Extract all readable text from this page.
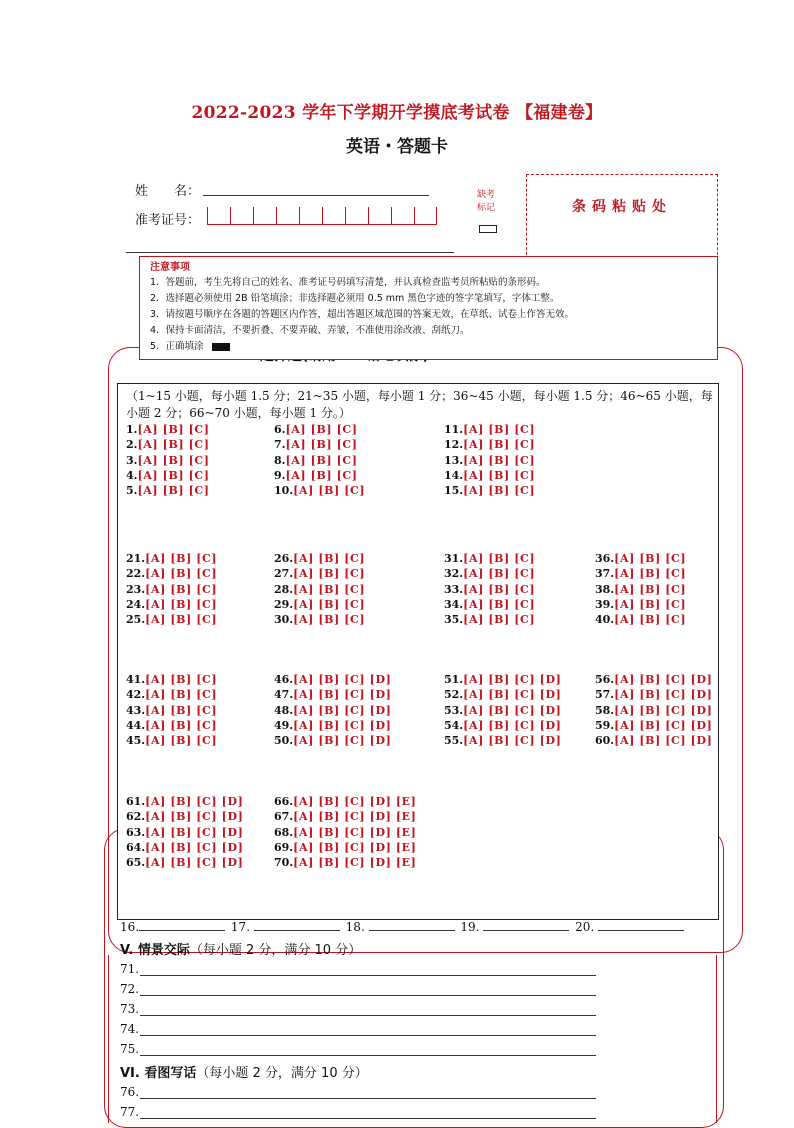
2022-2023 学年下学期开学摸底考试卷 【福建卷】
英语・答题卡
姓　　名：
准考证号：
缺考
标记	条码粘贴处
注意事项
1．答题前，考生先将自己的姓名、准考证号码填写清楚，并认真检查监考员所粘贴的条形码。
2．选择题必须使用 2B 铅笔填涂；非选择题必须用 0.5 mm 黑色字迹的签字笔填写，字体工整。
3．请按题号顺序在各题的答题区内作答，超出答题区域范围的答案无效，在草纸、试卷上作答无效。
4．保持卡面清洁，不要折叠、不要弄破、弄皱，不准使用涂改液、刮纸刀。
5．正确填涂
（1~15 小题，每小题 1.5 分；21~35 小题，每小题 1 分；36~45 小题，每小题 1.5 分；46~65 小题，每小题 2 分；66~70 小题，每小题 1 分。）
1.[A] [B] [C]
2.[A] [B] [C]
3.[A] [B] [C]
4.[A] [B] [C]
5.[A] [B] [C]
6.[A] [B] [C]
7.[A] [B] [C]
8.[A] [B] [C]
9.[A] [B] [C]
10.[A] [B] [C]
11.[A] [B] [C]
12.[A] [B] [C]
13.[A] [B] [C]
14.[A] [B] [C]
15.[A] [B] [C]
21.[A] [B] [C]
22.[A] [B] [C]
23.[A] [B] [C]
24.[A] [B] [C]
25.[A] [B] [C]
26.[A] [B] [C]
27.[A] [B] [C]
28.[A] [B] [C]
29.[A] [B] [C]
30.[A] [B] [C]
31.[A] [B] [C]
32.[A] [B] [C]
33.[A] [B] [C]
34.[A] [B] [C]
35.[A] [B] [C]
36.[A] [B] [C]
37.[A] [B] [C]
38.[A] [B] [C]
39.[A] [B] [C]
40.[A] [B] [C]
41.[A] [B] [C]
42.[A] [B] [C]
43.[A] [B] [C]
44.[A] [B] [C]
45.[A] [B] [C]
46.[A] [B] [C] [D]
47.[A] [B] [C] [D]
48.[A] [B] [C] [D]
49.[A] [B] [C] [D]
50.[A] [B] [C] [D]
51.[A] [B] [C] [D]
52.[A] [B] [C] [D]
53.[A] [B] [C] [D]
54.[A] [B] [C] [D]
55.[A] [B] [C] [D]
56.[A] [B] [C] [D]
57.[A] [B] [C] [D]
58.[A] [B] [C] [D]
59.[A] [B] [C] [D]
60.[A] [B] [C] [D]
61.[A] [B] [C] [D]
62.[A] [B] [C] [D]
63.[A] [B] [C] [D]
64.[A] [B] [C] [D]
65.[A] [B] [C] [D]
66.[A] [B] [C] [D] [E]
67.[A] [B] [C] [D] [E]
68.[A] [B] [C] [D] [E]
69.[A] [B] [C] [D] [E]
70.[A] [B] [C] [D] [E]
16.	17.	18.	19.	20.
V. 情景交际（每小题 2 分，满分 10 分）
71.
72.
73.
74.
75.
VI. 看图写话（每小题 2 分，满分 10 分）
76.
77.
